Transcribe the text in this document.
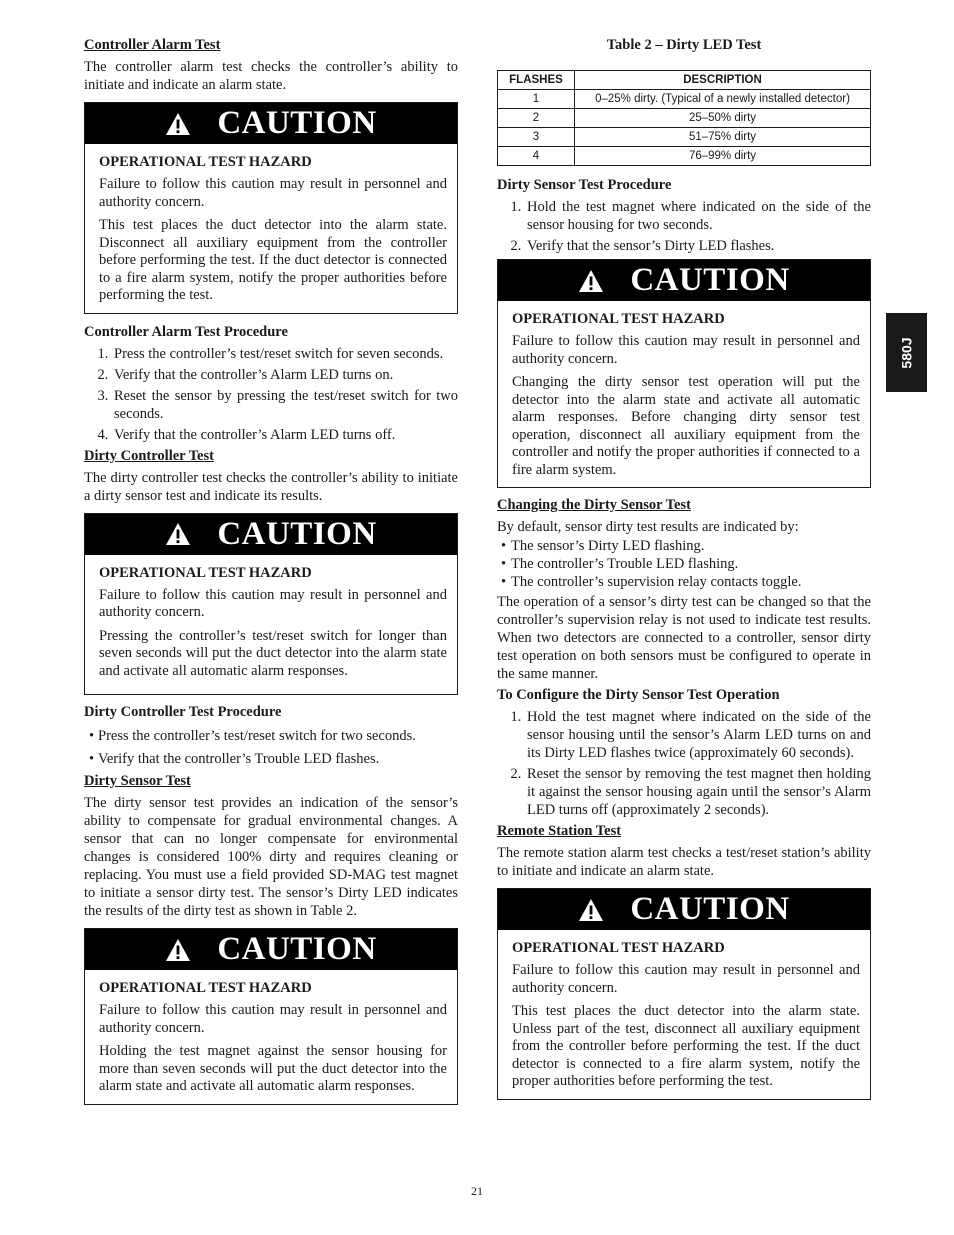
Controller Alarm Test

The controller alarm test checks the controller’s ability to initiate and indicate an alarm state.

CAUTION
OPERATIONAL TEST HAZARD

Failure to follow this caution may result in personnel and authority concern.

This test places the duct detector into the alarm state. Disconnect all auxiliary equipment from the controller before performing the test. If the duct detector is connected to a fire alarm system, notify the proper authorities before performing the test.

Controller Alarm Test Procedure
1. Press the controller’s test/reset switch for seven seconds.
2. Verify that the controller’s Alarm LED turns on.
3. Reset the sensor by pressing the test/reset switch for two seconds.
4. Verify that the controller’s Alarm LED turns off.
Dirty Controller Test

The dirty controller test checks the controller’s ability to initiate a dirty sensor test and indicate its results.

CAUTION
OPERATIONAL TEST HAZARD

Failure to follow this caution may result in personnel and authority concern.

Pressing the controller’s test/reset switch for longer than seven seconds will put the duct detector into the alarm state and activate all automatic alarm responses.

Dirty Controller Test Procedure
• Press the controller’s test/reset switch for two seconds.
• Verify that the controller’s Trouble LED flashes.
Dirty Sensor Test

The dirty sensor test provides an indication of the sensor’s ability to compensate for gradual environmental changes. A sensor that can no longer compensate for environmental changes is considered 100% dirty and requires cleaning or replacing. You must use a field provided SD-MAG test magnet to initiate a sensor dirty test. The sensor’s Dirty LED indicates the results of the dirty test as shown in Table 2.

CAUTION
OPERATIONAL TEST HAZARD

Failure to follow this caution may result in personnel and authority concern.

Holding the test magnet against the sensor housing for more than seven seconds will put the duct detector into the alarm state and activate all automatic alarm responses.

Table 2 – Dirty LED Test
FLASHES	DESCRIPTION
1	0–25% dirty. (Typical of a newly installed detector)
2	25–50% dirty
3	51–75% dirty
4	76–99% dirty
Dirty Sensor Test Procedure
1. Hold the test magnet where indicated on the side of the sensor housing for two seconds.
2. Verify that the sensor’s Dirty LED flashes.
CAUTION
OPERATIONAL TEST HAZARD

Failure to follow this caution may result in personnel and authority concern.

Changing the dirty sensor test operation will put the detector into the alarm state and activate all automatic alarm responses. Before changing dirty sensor test operation, disconnect all auxiliary equipment from the controller and notify the proper authorities if connected to a fire alarm system.

Changing the Dirty Sensor Test

By default, sensor dirty test results are indicated by:

• The sensor’s Dirty LED flashing.
• The controller’s Trouble LED flashing.
• The controller’s supervision relay contacts toggle.

The operation of a sensor’s dirty test can be changed so that the controller’s supervision relay is not used to indicate test results. When two detectors are connected to a controller, sensor dirty test operation on both sensors must be configured to operate in the same manner.

To Configure the Dirty Sensor Test Operation
1. Hold the test magnet where indicated on the side of the sensor housing until the sensor’s Alarm LED turns on and its Dirty LED flashes twice (approximately 60 seconds).
2. Reset the sensor by removing the test magnet then holding it against the sensor housing again until the sensor’s Alarm LED turns off (approximately 2 seconds).
Remote Station Test

The remote station alarm test checks a test/reset station’s ability to initiate and indicate an alarm state.

CAUTION
OPERATIONAL TEST HAZARD

Failure to follow this caution may result in personnel and authority concern.

This test places the duct detector into the alarm state. Unless part of the test, disconnect all auxiliary equipment from the controller before performing the test. If the duct detector is connected to a fire alarm system, notify the proper authorities before performing the test.

580J
21
